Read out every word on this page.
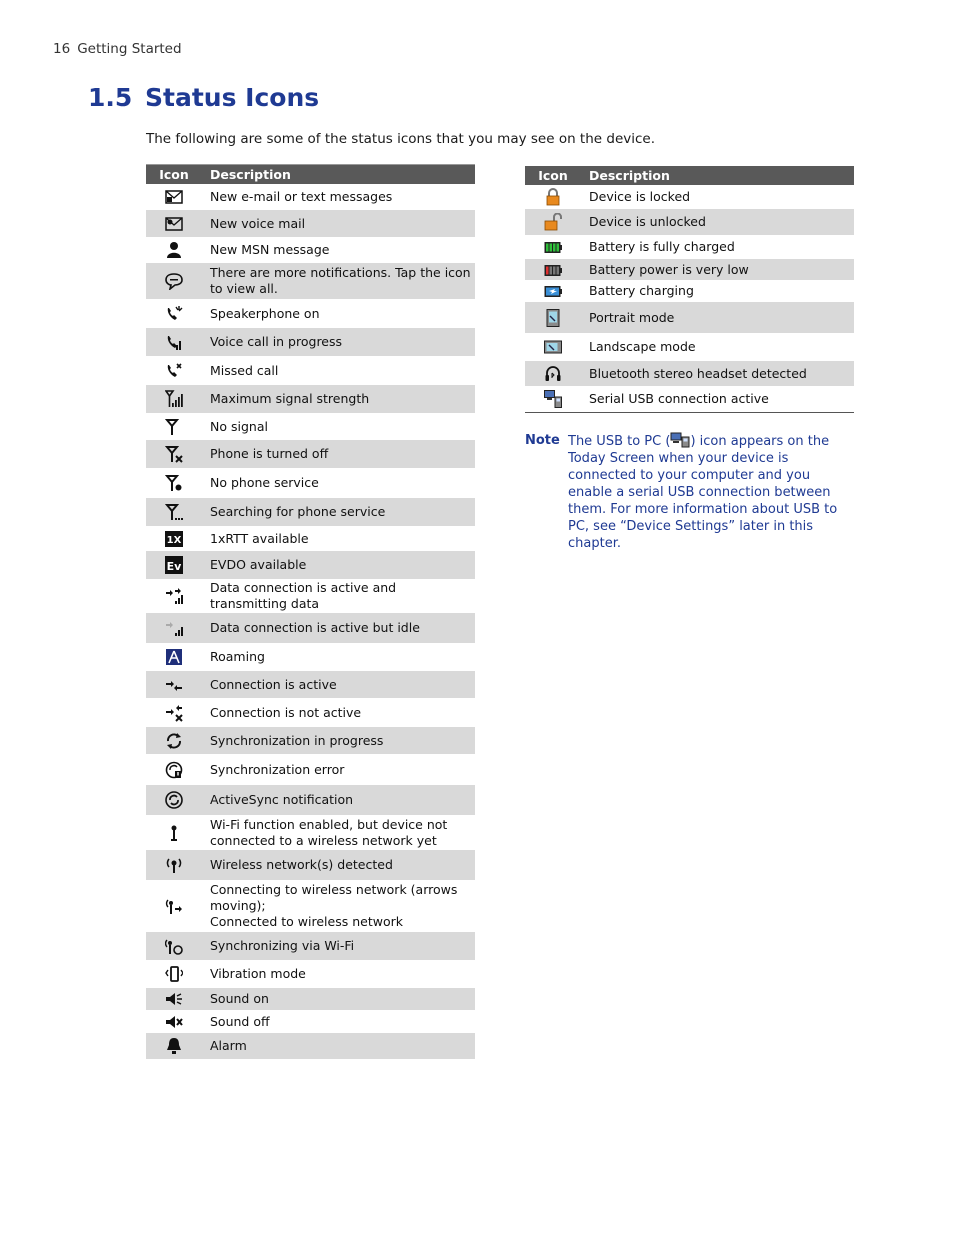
16 Getting Started
1.5 Status Icons
The following are some of the status icons that you may see on the device.
Icon	Description

	New e-mail or text messages

	New voice mail

	New MSN message

	There are more notifications. Tap the icon to view all.

	Speakerphone on

	Voice call in progress

	Missed call

	Maximum signal strength

	No signal

	Phone is turned off

	No phone service

	Searching for phone service

1X	1xRTT available

Ev	EVDO available

	Data connection is active and transmitting data

	Data connection is active but idle

	Roaming

	Connection is active

	Connection is not active

	Synchronization in progress

	Synchronization error

	ActiveSync notification

	Wi-Fi function enabled, but device not connected to a wireless network yet

	Wireless network(s) detected

	Connecting to wireless network (arrows moving);
Connected to wireless network

	Synchronizing via Wi-Fi

	Vibration mode

	Sound on

	Sound off

	Alarm
Icon	Description

	Device is locked

	Device is unlocked

	Battery is fully charged

	Battery power is very low

	Battery charging

	Portrait mode

	Landscape mode

	Bluetooth stereo headset detected

	Serial USB connection active
Note The USB to PC ( ) icon appears on the Today Screen when your device is connected to your computer and you enable a serial USB connection between them. For more information about USB to PC, see “Device Settings” later in this chapter.
